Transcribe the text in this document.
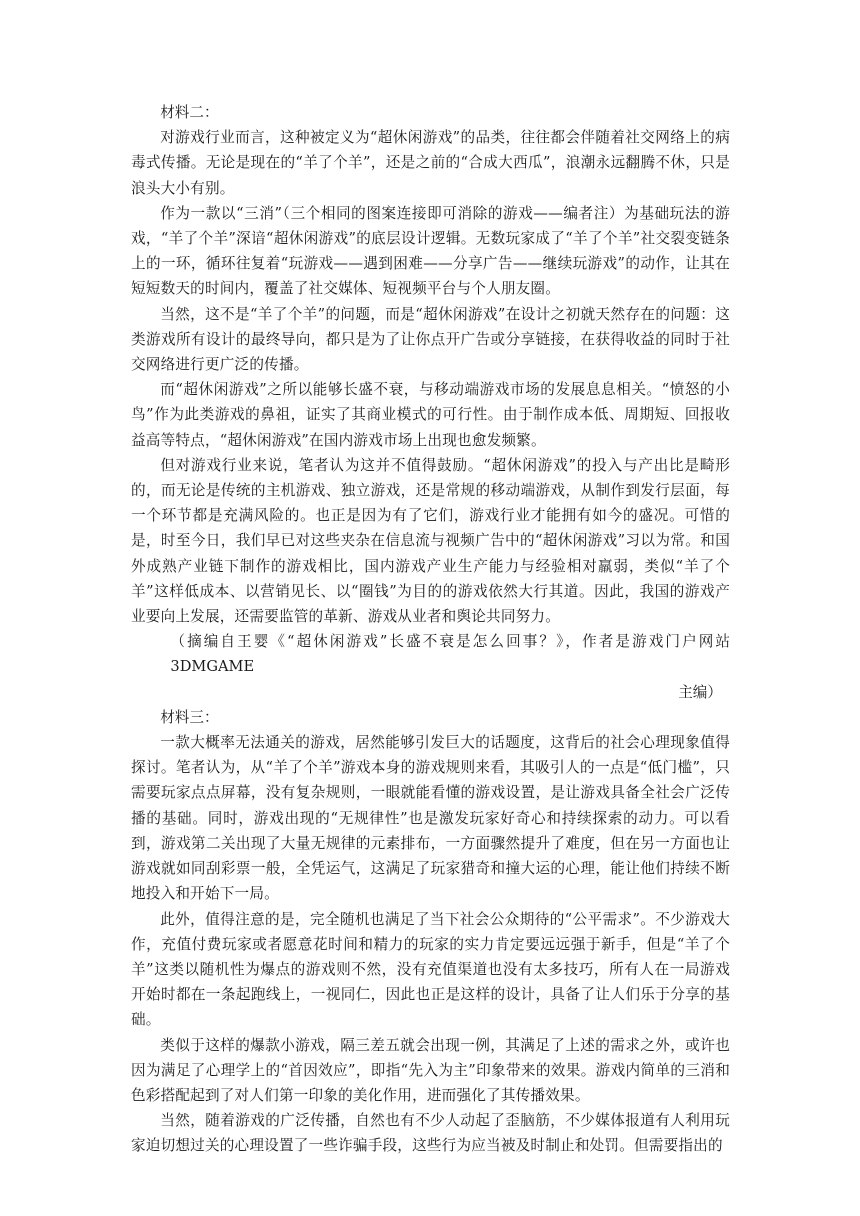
材料二：

对游戏行业而言，这种被定义为“超休闲游戏”的品类，往往都会伴随着社交网络上的病毒式传播。无论是现在的“羊了个羊”，还是之前的“合成大西瓜”，浪潮永远翻腾不休，只是浪头大小有别。

作为一款以“三消”（三个相同的图案连接即可消除的游戏——编者注）为基础玩法的游戏，“羊了个羊”深谙“超休闲游戏”的底层设计逻辑。无数玩家成了“羊了个羊”社交裂变链条上的一环，循环往复着“玩游戏——遇到困难——分享广告——继续玩游戏”的动作，让其在短短数天的时间内，覆盖了社交媒体、短视频平台与个人朋友圈。

当然，这不是“羊了个羊”的问题，而是“超休闲游戏”在设计之初就天然存在的问题：这类游戏所有设计的最终导向，都只是为了让你点开广告或分享链接，在获得收益的同时于社交网络进行更广泛的传播。

而“超休闲游戏”之所以能够长盛不衰，与移动端游戏市场的发展息息相关。“愤怒的小鸟”作为此类游戏的鼻祖，证实了其商业模式的可行性。由于制作成本低、周期短、回报收益高等特点，“超休闲游戏”在国内游戏市场上出现也愈发频繁。

但对游戏行业来说，笔者认为这并不值得鼓励。“超休闲游戏”的投入与产出比是畸形的，而无论是传统的主机游戏、独立游戏，还是常规的移动端游戏，从制作到发行层面，每一个环节都是充满风险的。也正是因为有了它们，游戏行业才能拥有如今的盛况。可惜的是，时至今日，我们早已对这些夹杂在信息流与视频广告中的“超休闲游戏”习以为常。和国外成熟产业链下制作的游戏相比，国内游戏产业生产能力与经验相对羸弱，类似“羊了个羊”这样低成本、以营销见长、以“圈钱”为目的的游戏依然大行其道。因此，我国的游戏产业要向上发展，还需要监管的革新、游戏从业者和舆论共同努力。

（摘编自王婴《“超休闲游戏”长盛不衰是怎么回事？》，作者是游戏门户网站 3DMGAME
主编）

材料三：

一款大概率无法通关的游戏，居然能够引发巨大的话题度，这背后的社会心理现象值得探讨。笔者认为，从“羊了个羊”游戏本身的游戏规则来看，其吸引人的一点是“低门槛”，只需要玩家点点屏幕，没有复杂规则，一眼就能看懂的游戏设置，是让游戏具备全社会广泛传播的基础。同时，游戏出现的“无规律性”也是激发玩家好奇心和持续探索的动力。可以看到，游戏第二关出现了大量无规律的元素排布，一方面骤然提升了难度，但在另一方面也让游戏就如同刮彩票一般，全凭运气，这满足了玩家猎奇和撞大运的心理，能让他们持续不断地投入和开始下一局。

此外，值得注意的是，完全随机也满足了当下社会公众期待的“公平需求”。不少游戏大作，充值付费玩家或者愿意花时间和精力的玩家的实力肯定要远远强于新手，但是“羊了个羊”这类以随机性为爆点的游戏则不然，没有充值渠道也没有太多技巧，所有人在一局游戏开始时都在一条起跑线上，一视同仁，因此也正是这样的设计，具备了让人们乐于分享的基础。

类似于这样的爆款小游戏，隔三差五就会出现一例，其满足了上述的需求之外，或许也因为满足了心理学上的“首因效应”，即指“先入为主”印象带来的效果。游戏内简单的三消和色彩搭配起到了对人们第一印象的美化作用，进而强化了其传播效果。

当然，随着游戏的广泛传播，自然也有不少人动起了歪脑筋，不少媒体报道有人利用玩家迫切想过关的心理设置了一些诈骗手段，这些行为应当被及时制止和处罚。但需要指出的
